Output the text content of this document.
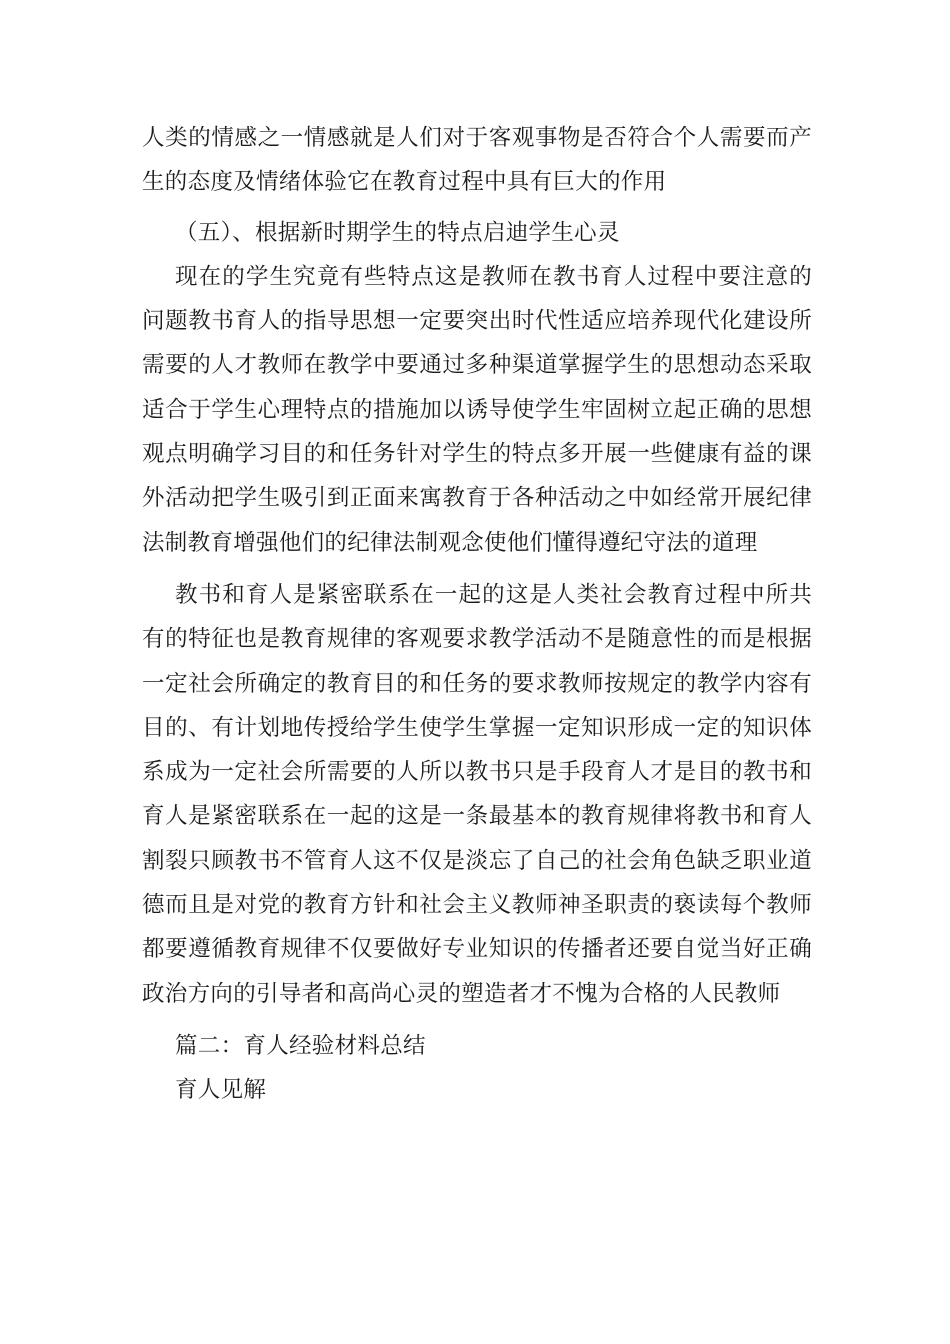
人类的情感之一情感就是人们对于客观事物是否符合个人需要而产生的态度及情绪体验它在教育过程中具有巨大的作用

（五）、根据新时期学生的特点启迪学生心灵

现在的学生究竟有些特点这是教师在教书育人过程中要注意的问题教书育人的指导思想一定要突出时代性适应培养现代化建设所需要的人才教师在教学中要通过多种渠道掌握学生的思想动态采取适合于学生心理特点的措施加以诱导使学生牢固树立起正确的思想观点明确学习目的和任务针对学生的特点多开展一些健康有益的课外活动把学生吸引到正面来寓教育于各种活动之中如经常开展纪律法制教育增强他们的纪律法制观念使他们懂得遵纪守法的道理

教书和育人是紧密联系在一起的这是人类社会教育过程中所共有的特征也是教育规律的客观要求教学活动不是随意性的而是根据一定社会所确定的教育目的和任务的要求教师按规定的教学内容有目的、有计划地传授给学生使学生掌握一定知识形成一定的知识体系成为一定社会所需要的人所以教书只是手段育人才是目的教书和育人是紧密联系在一起的这是一条最基本的教育规律将教书和育人割裂只顾教书不管育人这不仅是淡忘了自己的社会角色缺乏职业道德而且是对党的教育方针和社会主义教师神圣职责的亵读每个教师都要遵循教育规律不仅要做好专业知识的传播者还要自觉当好正确政治方向的引导者和高尚心灵的塑造者才不愧为合格的人民教师

篇二：育人经验材料总结

育人见解
